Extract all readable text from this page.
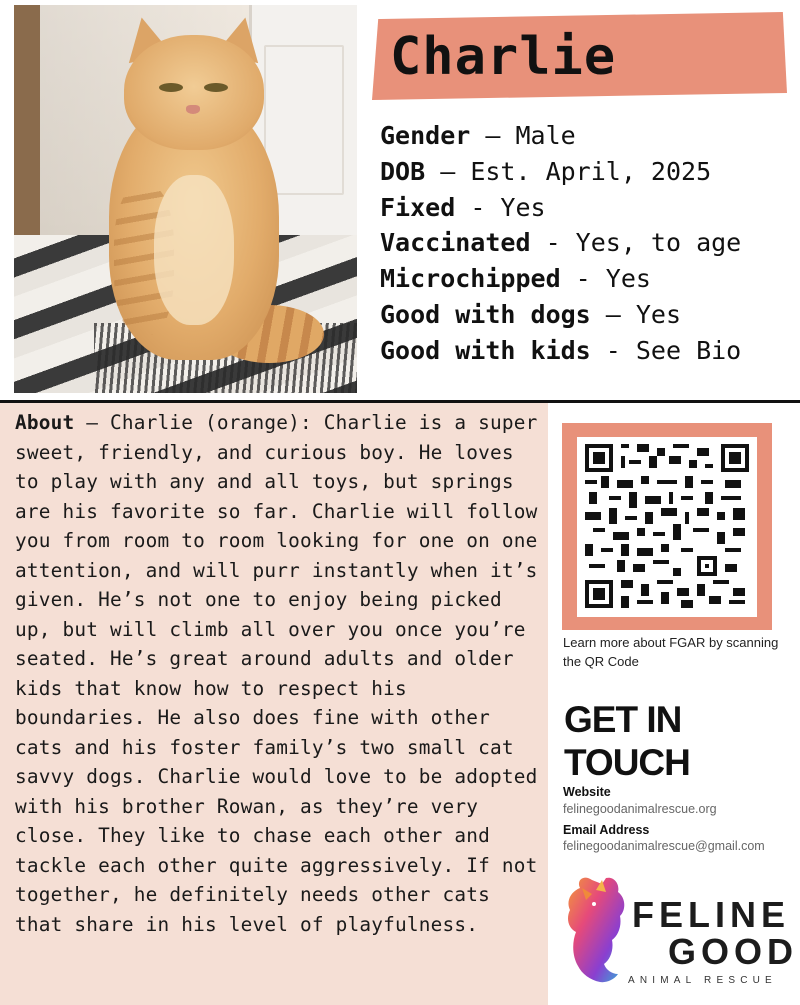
Charlie
Gender – Male
DOB – Est. April, 2025
Fixed - Yes
Vaccinated - Yes, to age
Microchipped - Yes
Good with dogs – Yes
Good with kids - See Bio
About – Charlie (orange): Charlie is a super sweet, friendly, and curious boy. He loves to play with any and all toys, but springs are his favorite so far. Charlie will follow you from room to room looking for one on one attention, and will purr instantly when it’s given. He’s not one to enjoy being picked up, but will climb all over you once you’re seated. He’s great around adults and older kids that know how to respect his boundaries. He also does fine with other cats and his foster family’s two small cat savvy dogs. Charlie would love to be adopted with his brother Rowan, as they’re very close. They like to chase each other and tackle each other quite aggressively. If not together, he definitely needs other cats that share in his level of playfulness.
Learn more about FGAR by scanning the QR Code
GET IN
TOUCH
Website
felinegoodanimalrescue.org
Email Address
felinegoodanimalrescue@gmail.com
FELINE
GOOD
ANIMAL RESCUE
